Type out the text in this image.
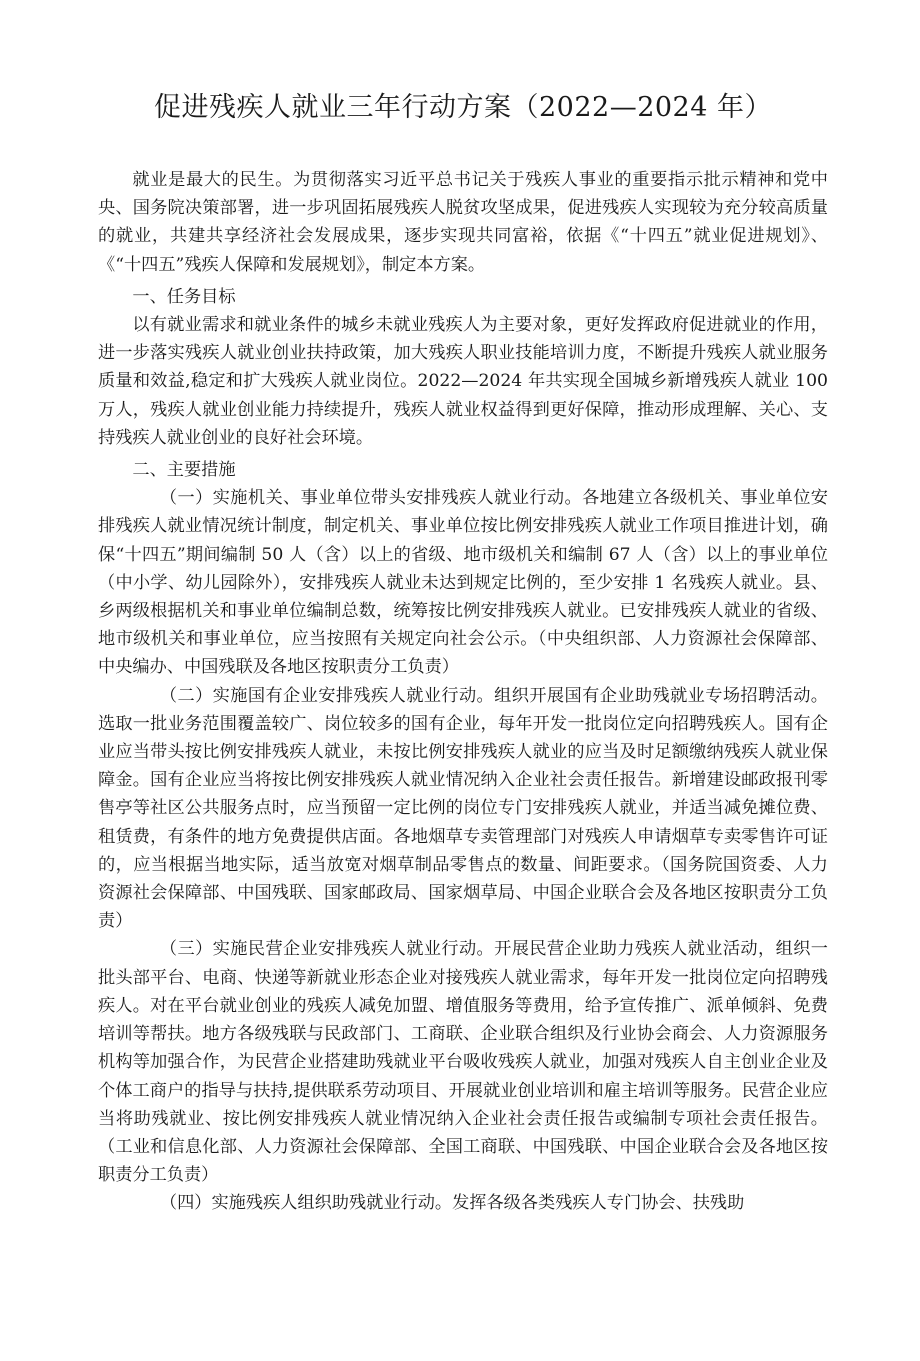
促进残疾人就业三年行动方案（2022—2024 年）

就业是最大的民生。为贯彻落实习近平总书记关于残疾人事业的重要指示批示精神和党中央、国务院决策部署，进一步巩固拓展残疾人脱贫攻坚成果，促进残疾人实现较为充分较高质量的就业，共建共享经济社会发展成果，逐步实现共同富裕，依据《“十四五”就业促进规划》、《“十四五”残疾人保障和发展规划》，制定本方案。

一、任务目标

以有就业需求和就业条件的城乡未就业残疾人为主要对象，更好发挥政府促进就业的作用，进一步落实残疾人就业创业扶持政策，加大残疾人职业技能培训力度，不断提升残疾人就业服务质量和效益,稳定和扩大残疾人就业岗位。2022—2024 年共实现全国城乡新增残疾人就业 100 万人，残疾人就业创业能力持续提升，残疾人就业权益得到更好保障，推动形成理解、关心、支持残疾人就业创业的良好社会环境。

二、主要措施

（一）实施机关、事业单位带头安排残疾人就业行动。各地建立各级机关、事业单位安排残疾人就业情况统计制度，制定机关、事业单位按比例安排残疾人就业工作项目推进计划，确保“十四五”期间编制 50 人（含）以上的省级、地市级机关和编制 67 人（含）以上的事业单位（中小学、幼儿园除外），安排残疾人就业未达到规定比例的，至少安排 1 名残疾人就业。县、乡两级根据机关和事业单位编制总数，统筹按比例安排残疾人就业。已安排残疾人就业的省级、地市级机关和事业单位，应当按照有关规定向社会公示。（中央组织部、人力资源社会保障部、中央编办、中国残联及各地区按职责分工负责）

（二）实施国有企业安排残疾人就业行动。组织开展国有企业助残就业专场招聘活动。选取一批业务范围覆盖较广、岗位较多的国有企业，每年开发一批岗位定向招聘残疾人。国有企业应当带头按比例安排残疾人就业，未按比例安排残疾人就业的应当及时足额缴纳残疾人就业保障金。国有企业应当将按比例安排残疾人就业情况纳入企业社会责任报告。新增建设邮政报刊零售亭等社区公共服务点时，应当预留一定比例的岗位专门安排残疾人就业，并适当减免摊位费、租赁费，有条件的地方免费提供店面。各地烟草专卖管理部门对残疾人申请烟草专卖零售许可证的，应当根据当地实际，适当放宽对烟草制品零售点的数量、间距要求。（国务院国资委、人力资源社会保障部、中国残联、国家邮政局、国家烟草局、中国企业联合会及各地区按职责分工负责）

（三）实施民营企业安排残疾人就业行动。开展民营企业助力残疾人就业活动，组织一批头部平台、电商、快递等新就业形态企业对接残疾人就业需求，每年开发一批岗位定向招聘残疾人。对在平台就业创业的残疾人减免加盟、增值服务等费用，给予宣传推广、派单倾斜、免费培训等帮扶。地方各级残联与民政部门、工商联、企业联合组织及行业协会商会、人力资源服务机构等加强合作，为民营企业搭建助残就业平台吸收残疾人就业，加强对残疾人自主创业企业及个体工商户的指导与扶持,提供联系劳动项目、开展就业创业培训和雇主培训等服务。民营企业应当将助残就业、按比例安排残疾人就业情况纳入企业社会责任报告或编制专项社会责任报告。（工业和信息化部、人力资源社会保障部、全国工商联、中国残联、中国企业联合会及各地区按职责分工负责）

（四）实施残疾人组织助残就业行动。发挥各级各类残疾人专门协会、扶残助
